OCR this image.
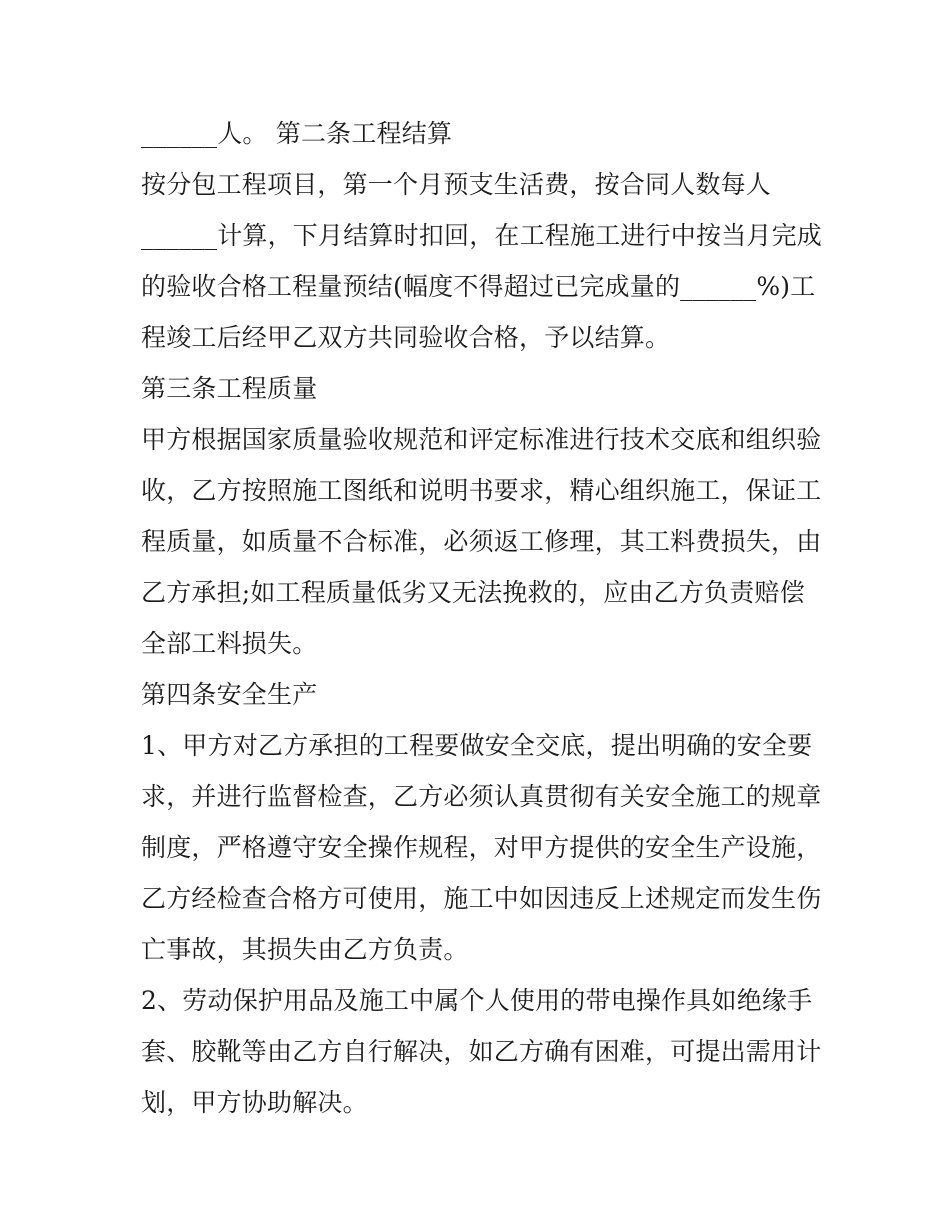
______人。 第二条工程结算
按分包工程项目，第一个月预支生活费，按合同人数每人
______计算，下月结算时扣回，在工程施工进行中按当月完成
的验收合格工程量预结(幅度不得超过已完成量的______%)工
程竣工后经甲乙双方共同验收合格，予以结算。
第三条工程质量
甲方根据国家质量验收规范和评定标准进行技术交底和组织验
收，乙方按照施工图纸和说明书要求，精心组织施工，保证工
程质量，如质量不合标准，必须返工修理，其工料费损失，由
乙方承担;如工程质量低劣又无法挽救的，应由乙方负责赔偿
全部工料损失。
第四条安全生产
1、甲方对乙方承担的工程要做安全交底，提出明确的安全要
求，并进行监督检查，乙方必须认真贯彻有关安全施工的规章
制度，严格遵守安全操作规程，对甲方提供的安全生产设施，
乙方经检查合格方可使用，施工中如因违反上述规定而发生伤
亡事故，其损失由乙方负责。
2、劳动保护用品及施工中属个人使用的带电操作具如绝缘手
套、胶靴等由乙方自行解决，如乙方确有困难，可提出需用计
划，甲方协助解决。
